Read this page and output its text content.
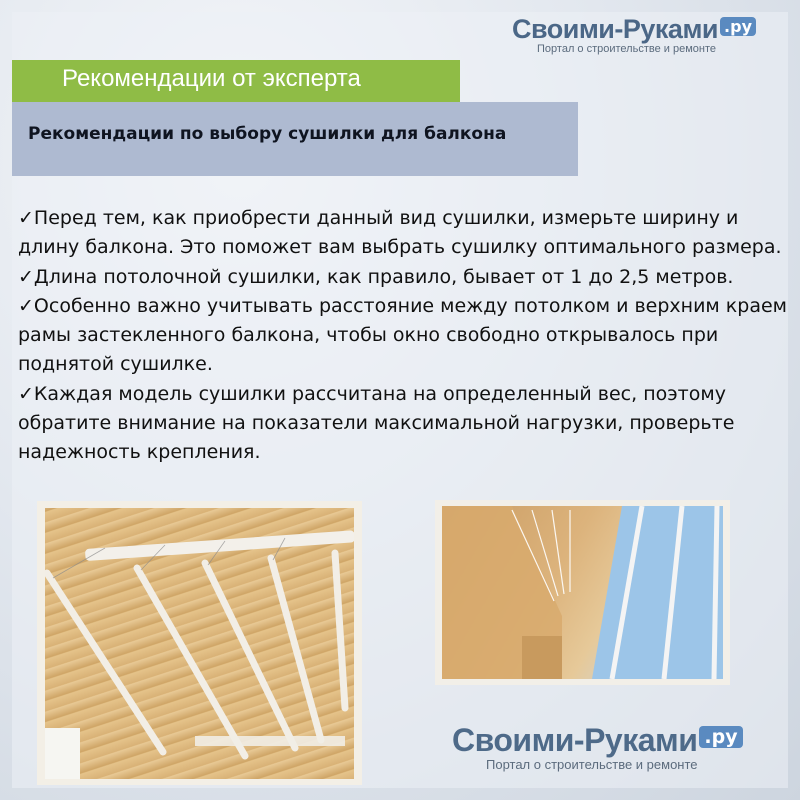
Своими-Руками .ру
Портал о строительстве и ремонте
Рекомендации от эксперта
Рекомендации по выбору сушилки для балкона

✓Перед тем, как приобрести данный вид сушилки, измерьте ширину и длину балкона. Это поможет вам выбрать сушилку оптимального размера.

✓Длина потолочной сушилки, как правило, бывает от 1 до 2,5 метров.

✓Особенно важно учитывать расстояние между потолком и верхним краем рамы застекленного балкона, чтобы окно свободно открывалось при поднятой сушилке.

✓Каждая модель сушилки рассчитана на определенный вес, поэтому обратите внимание на показатели максимальной нагрузки, проверьте надежность крепления.

Своими-Руками .ру
Портал о строительстве и ремонте
